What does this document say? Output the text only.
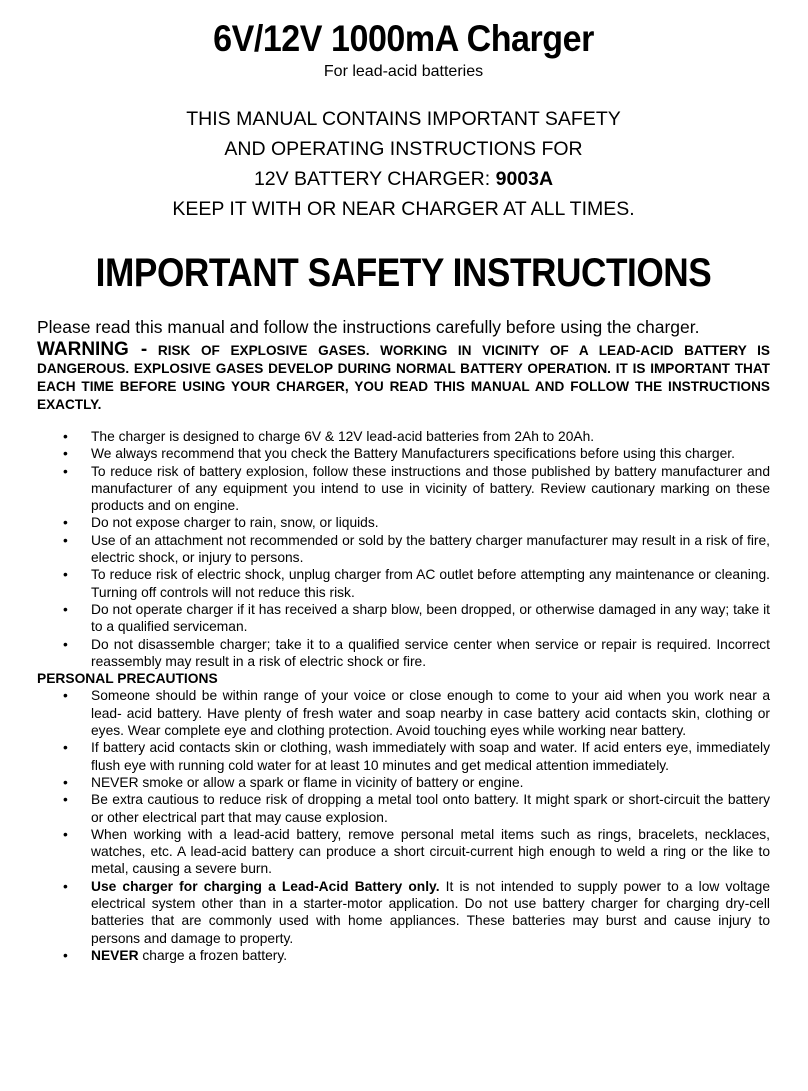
6V/12V 1000mA Charger
For lead-acid batteries
THIS MANUAL CONTAINS IMPORTANT SAFETY
AND OPERATING INSTRUCTIONS FOR
12V BATTERY CHARGER: 9003A
KEEP IT WITH OR NEAR CHARGER AT ALL TIMES.
IMPORTANT SAFETY INSTRUCTIONS
Please read this manual and follow the instructions carefully before using the charger.
WARNING - RISK OF EXPLOSIVE GASES. WORKING IN VICINITY OF A LEAD-ACID BATTERY IS DANGEROUS. EXPLOSIVE GASES DEVELOP DURING NORMAL BATTERY OPERATION. IT IS IMPORTANT THAT EACH TIME BEFORE USING YOUR CHARGER, YOU READ THIS MANUAL AND FOLLOW THE INSTRUCTIONS EXACTLY.
• The charger is designed to charge 6V & 12V lead-acid batteries from 2Ah to 20Ah.
• We always recommend that you check the Battery Manufacturers specifications before using this charger.
• To reduce risk of battery explosion, follow these instructions and those published by battery manufacturer and manufacturer of any equipment you intend to use in vicinity of battery. Review cautionary marking on these products and on engine.
• Do not expose charger to rain, snow, or liquids.
• Use of an attachment not recommended or sold by the battery charger manufacturer may result in a risk of fire, electric shock, or injury to persons.
• To reduce risk of electric shock, unplug charger from AC outlet before attempting any maintenance or cleaning. Turning off controls will not reduce this risk.
• Do not operate charger if it has received a sharp blow, been dropped, or otherwise damaged in any way; take it to a qualified serviceman.
• Do not disassemble charger; take it to a qualified service center when service or repair is required. Incorrect reassembly may result in a risk of electric shock or fire.
PERSONAL PRECAUTIONS
• Someone should be within range of your voice or close enough to come to your aid when you work near a lead- acid battery. Have plenty of fresh water and soap nearby in case battery acid contacts skin, clothing or eyes. Wear complete eye and clothing protection. Avoid touching eyes while working near battery.
• If battery acid contacts skin or clothing, wash immediately with soap and water. If acid enters eye, immediately flush eye with running cold water for at least 10 minutes and get medical attention immediately.
• NEVER smoke or allow a spark or flame in vicinity of battery or engine.
• Be extra cautious to reduce risk of dropping a metal tool onto battery. It might spark or short-circuit the battery or other electrical part that may cause explosion.
• When working with a lead-acid battery, remove personal metal items such as rings, bracelets, necklaces, watches, etc. A lead-acid battery can produce a short circuit-current high enough to weld a ring or the like to metal, causing a severe burn.
• Use charger for charging a Lead-Acid Battery only. It is not intended to supply power to a low voltage electrical system other than in a starter-motor application. Do not use battery charger for charging dry-cell batteries that are commonly used with home appliances. These batteries may burst and cause injury to persons and damage to property.
• NEVER charge a frozen battery.
